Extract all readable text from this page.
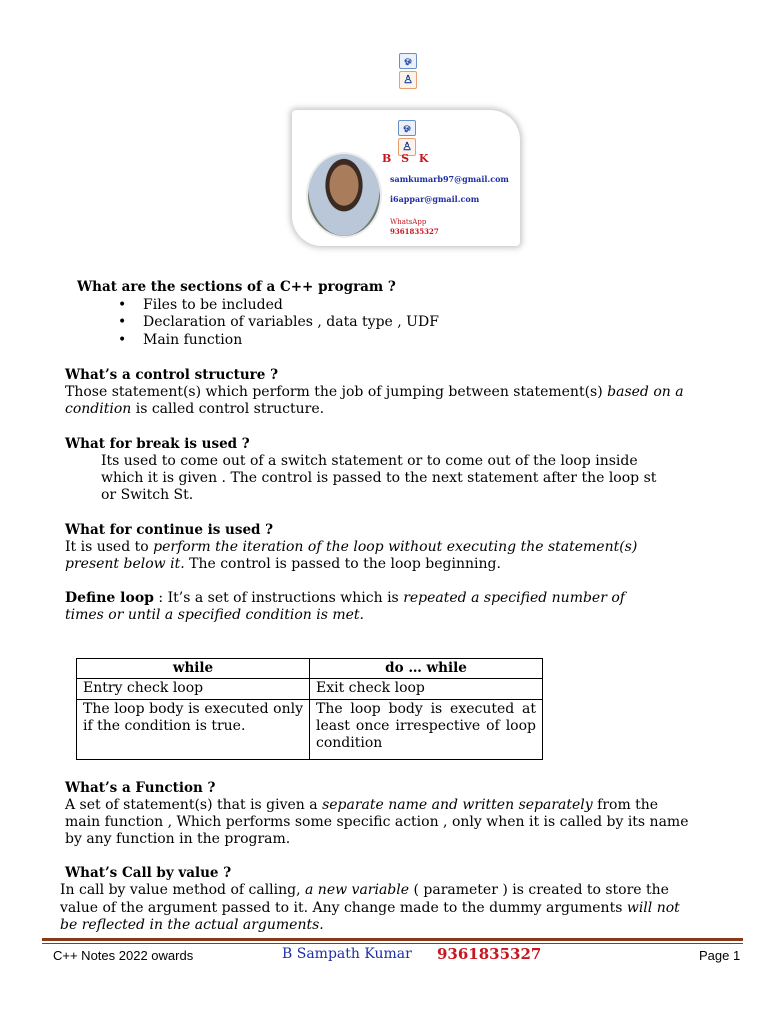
ஓ
♙
ஓ
♙
B S K
samkumarb97@gmail.com
i6appar@gmail.com
WhatsApp
9361835327
What are the sections of a C++ program ?
• Files to be included
• Declaration of variables , data type , UDF
• Main function
What’s a control structure ?
Those statement(s) which perform the job of jumping between statement(s) based on a
condition is called control structure.
What for break is used ?
Its used to come out of a switch statement or to come out of the loop inside
which it is given . The control is passed to the next statement after the loop st
or Switch St.
What for continue is used ?
It is used to perform the iteration of the loop without executing the statement(s)
present below it. The control is passed to the loop beginning.
Define loop : It’s a set of instructions which is repeated a specified number of
times or until a specified condition is met.
while	do … while
Entry check loop	Exit check loop
The loop body is executed only if the condition is true.	The loop body is executed at least once irrespective of loop condition
What’s a Function ?
A set of statement(s) that is given a separate name and written separately from the
main function , Which performs some specific action , only when it is called by its name
by any function in the program.
What’s Call by value ?
In call by value method of calling, a new variable ( parameter ) is created to store the
value of the argument passed to it. Any change made to the dummy arguments will not
be reflected in the actual arguments.
C++ Notes 2022 owards	B Sampath Kumar 9361835327	Page 1
